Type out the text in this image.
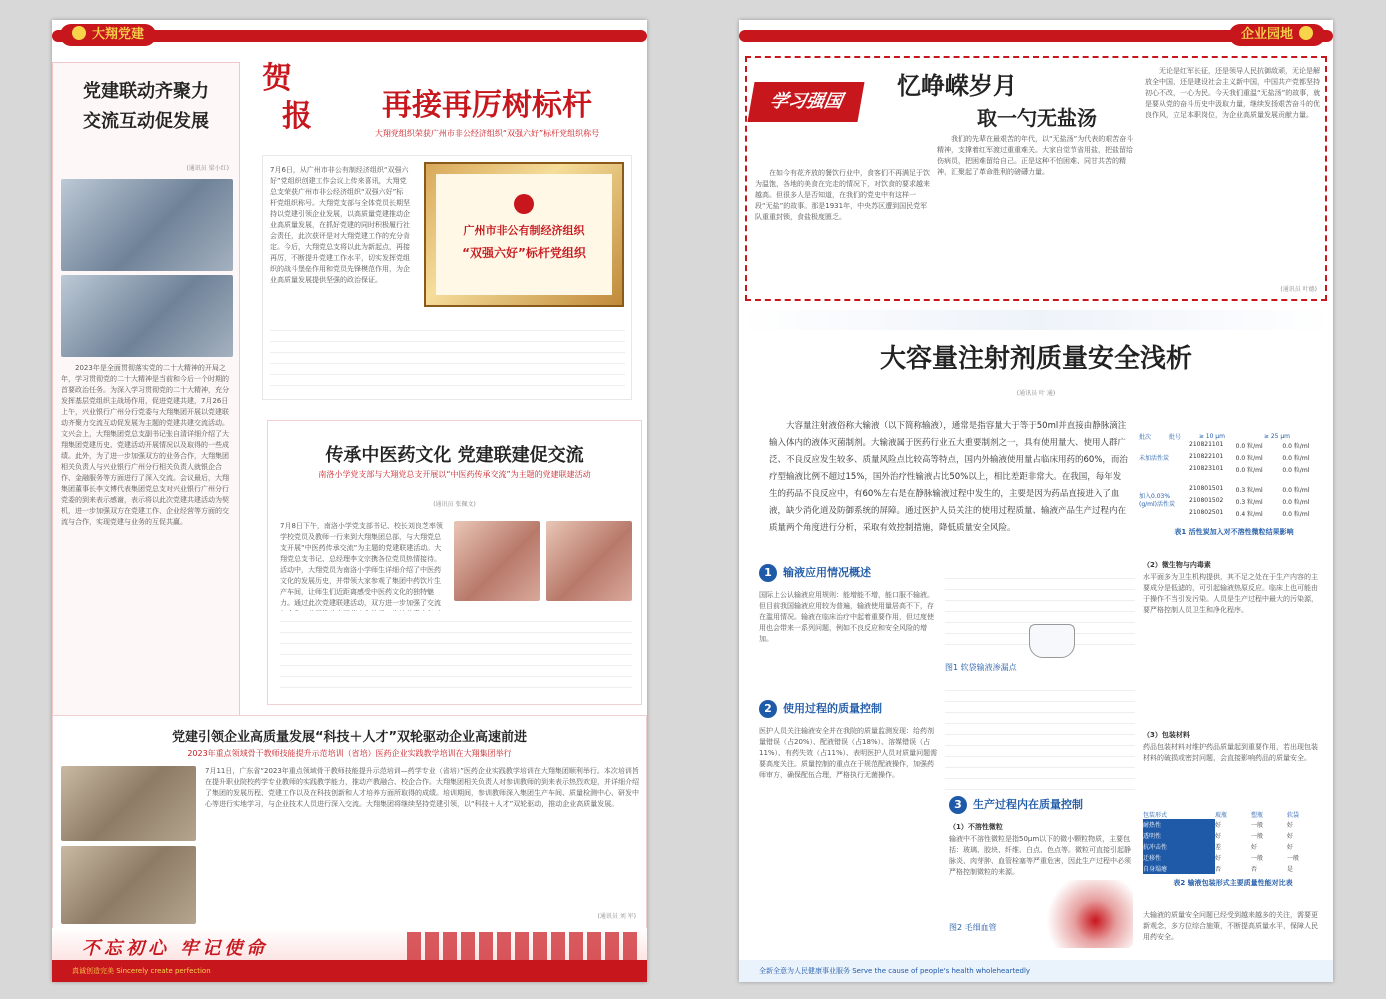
大翔党建
党建联动齐聚力
交流互动促发展
(通讯员 梁小红)
2023年是全面贯彻落实党的二十大精神的开局之年，学习贯彻党的二十大精神是当前和今后一个时期的首要政治任务。为深入学习贯彻党的二十大精神，充分发挥基层党组织主战场作用，促进党建共建，7月26日上午，兴业银行广州分行党委与大翔集团开展以党建联动齐聚力交流互动促发展为主题的党建共建交流活动。文兴会上，大翔集团党总支副书记张自清详细介绍了大翔集团党建历史、党建活动开展情况以及取得的一些成绩。此外，为了进一步加强双方的业务合作，大翔集团相关负责人与兴业银行广州分行相关负责人就银企合作、金融服务等方面进行了深入交流。会议最后，大翔集团董事长李文博代表集团党总支对兴业银行广州分行党委的到来表示感谢，表示将以此次党建共建活动为契机，进一步加强双方在党建工作、企业经营等方面的交流与合作，实现党建与业务的互促共赢。
贺
报	再接再厉树标杆
大翔党组织荣获广州市非公经济组织“双强六好”标杆党组织称号
7月6日，从广州市非公有制经济组织“双强六好”党组织创建工作会议上传来喜讯，大翔党总支荣获广州市非公经济组织“双强六好”标杆党组织称号。大翔党支部与全体党员长期坚持以党建引领企业发展，以高质量党建推动企业高质量发展，在抓好党建的同时积极履行社会责任，此次获评是对大翔党建工作的充分肯定。今后，大翔党总支将以此为新起点，再接再厉，不断提升党建工作水平，切实发挥党组织的战斗堡垒作用和党员先锋模范作用，为企业高质量发展提供坚强的政治保证。
广州市非公有制经济组织
“双强六好”标杆党组织
传承中医药文化 党建联建促交流
南洛小学党支部与大翔党总支开展以“中医药传承交流”为主题的党建联建活动
(通讯员 张佩文)
7月8日下午，南洛小学党支部书记、校长刘良芝率领学校党员及教师一行来到大翔集团总部，与大翔党总支开展“中医药传承交流”为主题的党建联建活动。大翔党总支书记、总经理李文宗携各位党员热情接待。活动中，大翔党员为南洛小学师生详细介绍了中医药文化的发展历史，并带领大家参观了集团中药饮片生产车间，让师生们近距离感受中医药文化的独特魅力。通过此次党建联建活动，双方进一步加强了交流
党建引领企业高质量发展“科技＋人才”双轮驱动企业高速前进
2023年重点领域骨干教师技能提升示范培训（省培）医药企业实践教学培训在大翔集团举行
7月11日，广东省“2023年重点领域骨干教师技能提升示范培训—药学专业（省培）”医药企业实践教学培训在大翔集团顺利举行。本次培训旨在提升职业院校药学专业教师的实践教学能力，推动产教融合、校企合作。大翔集团相关负责人对参训教师的到来表示热烈欢迎，并详细介绍了集团的发展历程、党建工作以及在科技创新和人才培养方面所取得的成绩。培训期间，参训教师深入集团生产车间、质量检测中心、研发中心等进行实地学习，与企业技术人员进行深入交流。大翔集团将继续坚持党建引领，以“科技＋人才”双轮驱动，推动企业高质量发展。
(通讯员 刘 军)
不忘初心 牢记使命
真诚创造完美 Sincerely create perfection
企业园地
学习强国
忆峥嵘岁月
取一勺无盐汤
在如今有花齐放的餐饮行业中，食客们不再满足于饮为温饱，各地的美食在完走的情况下，对饮食的要求越来越高。但很多人是否知道，在我们的党史中有这样一段“无盐”的故事。那是1931年，中央苏区遭到国民党军队重重封锁，食盐极度匮乏。
我们的先辈在最艰苦的年代，以“无盐汤”为代表的艰苦奋斗精神，支撑着红军渡过重重难关。大家自觉节省用盐，把盐留给伤病员，把困难留给自己。正是这种不怕困难、同甘共苦的精神，汇聚起了革命胜利的磅礴力量。
无论是红军长征，还是领导人民抗御敌顽，无论是解放全中国，还是建设社会主义新中国，中国共产党都坚持初心不改，一心为民。今天我们重温“无盐汤”的故事，就是要从党的奋斗历史中汲取力量，继续发扬艰苦奋斗的优良作风，立足本职岗位，为企业高质量发展贡献力量。
(通讯员 叶德)
大容量注射剂质量安全浅析
(通讯员 叶 通)
大容量注射液俗称大输液（以下简称输液），通常是指容量大于等于50ml并直接由静脉滴注输入体内的液体灭菌制剂。大输液属于医药行业五大重要制剂之一，具有使用量大、使用人群广泛、不良反应发生较多、质量风险点比较高等特点，国内外输液使用量占临床用药的60%，而治疗型输液比例不超过15%，国外治疗性输液占比50%以上，相比差距非常大。在我国，每年发生的药品不良反应中，有60%左右是在静脉输液过程中发生的，主要是因为药品直接进入了血液，缺少消化道及防御系统的屏障。通过医护人员关注的使用过程质量、输液产品生产过程内在质量两个角度进行分析，采取有效控制措施，降低质量安全风险。
批次	批号	≥ 10 μm	≥ 25 μm
未加活性炭
加入0.03%(g/ml)活性炭
210821101	0.0 粒/ml	0.0 粒/ml
210822101	0.0 粒/ml	0.0 粒/ml
210823101	0.0 粒/ml	0.0 粒/ml
210801501	0.3 粒/ml	0.0 粒/ml
210801502	0.3 粒/ml	0.0 粒/ml
210802501	0.4 粒/ml	0.0 粒/ml
表1 活性炭加入对不溶性微粒结果影响
1 输液应用情况概述
国际上公认输液应用规则：能增能不增，能口服不输液。但目前我国输液应用较为普遍，输液使用量居高不下，存在滥用情况。输液在临床治疗中起着重要作用，但过度使用也会带来一系列问题，例如不良反应和安全风险的增加。
图1 软袋输液渗漏点
2 使用过程的质量控制
医护人员关注输液安全并在我院的质量监测发现：给药剂量错误（占20%）、配液错误（占18%）、溶媒错误（占11%）、有药失效（占11%）、表明医护人员对质量问题需要高度关注。质量控制的重点在于规范配液操作，加强药师审方，确保配伍合理，严格执行无菌操作。
3 生产过程内在质量控制
（1）不溶性微粒
输液中不溶性微粒是指50μm以下的微小颗粒物质，主要包括：玻璃、胶块、纤维、白点、色点等。微粒可直接引起静脉炎、肉芽肿、血管栓塞等严重危害，因此生产过程中必须严格控制微粒的来源。
图2 毛细血管
（2）微生物与内毒素
水平面多为卫生机构提供，其不足之处在于生产内容的主要成分是低滤的，可引起输液热原反应。临床上也可能由于操作不当引发污染。人员是生产过程中最大的污染源，要严格控制人员卫生和净化程序。
（3）包装材料
药品包装材料对维护药品质量起到重要作用，若出现包装材料的破损或密封问题，会直接影响药品的质量安全。
包装形式	玻瓶	塑瓶	软袋
耐热性	好	一般	好
透明性	好	一般	好
抗冲击性	差	好	好
迁移性	好	一般	一般
自身塌瘪	否	否	是
表2 输液包装形式主要质量性能对比表
大输液的质量安全问题已经受到越来越多的关注，需要更新观念，多方位综合施策，不断提高质量水平，保障人民用药安全。
全新全意为人民健康事业服务 Serve the cause of people's health wholeheartedly
